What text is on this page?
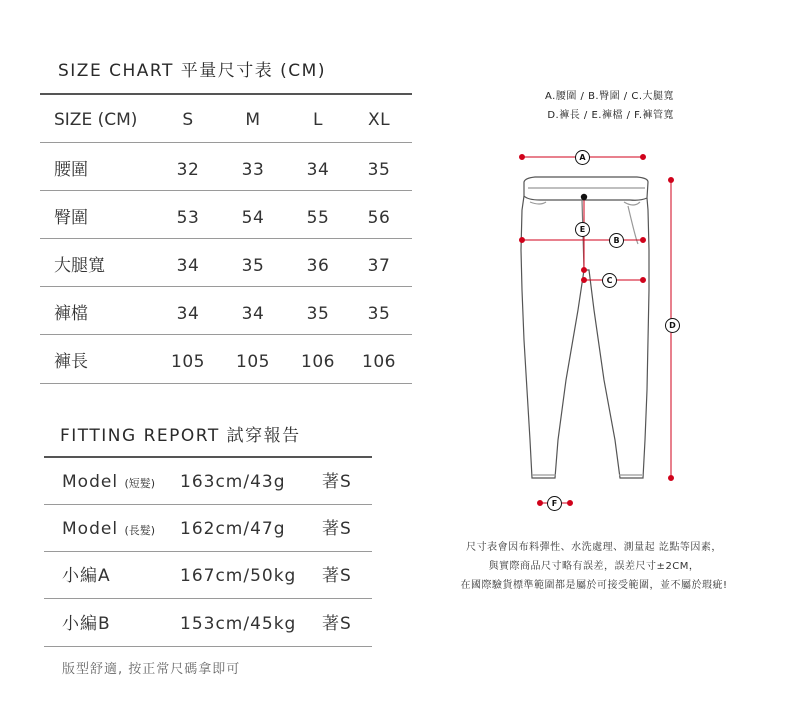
SIZE CHART 平量尺寸表 (CM)
SIZE (CM)	S	M	L	XL
腰圍	32	33	34	35
臀圍	53	54	55	56
大腿寬	34	35	36	37
褲檔	34	34	35	35
褲長	105	105	106	106
FITTING REPORT 試穿報告
Model (短髮) 163cm/43g 著S
Model (長髮) 162cm/47g 著S
小編A	167cm/50kg 著S
小編B	153cm/45kg 著S
版型舒適, 按正常尺碼拿即可
A.腰圍 / B.臀圍 / C.大腿寬
D.褲長 / E.褲檔 / F.褲管寬
A
E
B
C
D
F
尺寸表會因布料彈性、水洗處理、測量起 訖點等因素，
與實際商品尺寸略有誤差，誤差尺寸±2CM，
在國際驗貨標準範圍都是屬於可接受範圍，並不屬於瑕疵!
